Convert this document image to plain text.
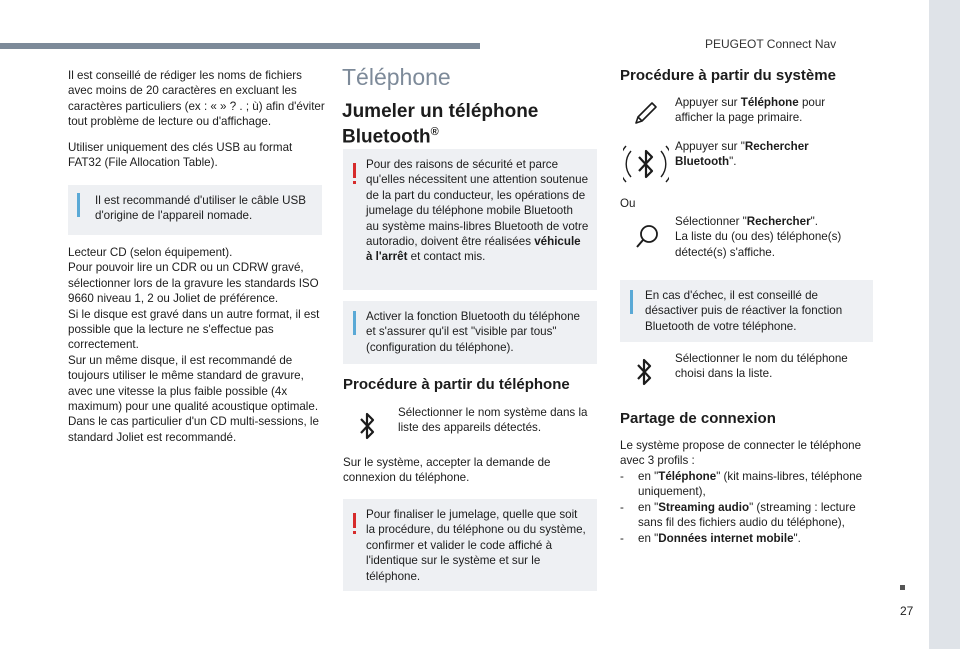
PEUGEOT Connect Nav
27
Il est conseillé de rédiger les noms de fichiers avec moins de 20 caractères en excluant les caractères particuliers (ex : « » ? . ; ù) afin d'éviter tout problème de lecture ou d'affichage.
Utiliser uniquement des clés USB au format FAT32 (File Allocation Table).
Il est recommandé d'utiliser le câble USB d'origine de l'appareil nomade.
Lecteur CD (selon équipement).
Pour pouvoir lire un CDR ou un CDRW gravé, sélectionner lors de la gravure les standards ISO 9660 niveau 1, 2 ou Joliet de préférence.
Si le disque est gravé dans un autre format, il est possible que la lecture ne s'effectue pas correctement.
Sur un même disque, il est recommandé de toujours utiliser le même standard de gravure, avec une vitesse la plus faible possible (4x maximum) pour une qualité acoustique optimale.
Dans le cas particulier d'un CD multi-sessions, le standard Joliet est recommandé.
Téléphone
Jumeler un téléphone Bluetooth®
Pour des raisons de sécurité et parce qu'elles nécessitent une attention soutenue de la part du conducteur, les opérations de jumelage du téléphone mobile Bluetooth au système mains-libres Bluetooth de votre autoradio, doivent être réalisées véhicule à l'arrêt et contact mis.
Activer la fonction Bluetooth du téléphone et s'assurer qu'il est "visible par tous" (configuration du téléphone).
Procédure à partir du téléphone
Sélectionner le nom système dans la liste des appareils détectés.
Sur le système, accepter la demande de connexion du téléphone.
Pour finaliser le jumelage, quelle que soit la procédure, du téléphone ou du système, confirmer et valider le code affiché à l'identique sur le système et sur le téléphone.
Procédure à partir du système
Appuyer sur Téléphone pour afficher la page primaire.
Appuyer sur "Rechercher Bluetooth".
Ou
Sélectionner "Rechercher".
La liste du (ou des) téléphone(s) détecté(s) s'affiche.
En cas d'échec, il est conseillé de désactiver puis de réactiver la fonction Bluetooth de votre téléphone.
Sélectionner le nom du téléphone choisi dans la liste.
Partage de connexion
Le système propose de connecter le téléphone avec 3 profils :
- en "Téléphone" (kit mains-libres, téléphone uniquement),
- en "Streaming audio" (streaming : lecture sans fil des fichiers audio du téléphone),
- en "Données internet mobile".
